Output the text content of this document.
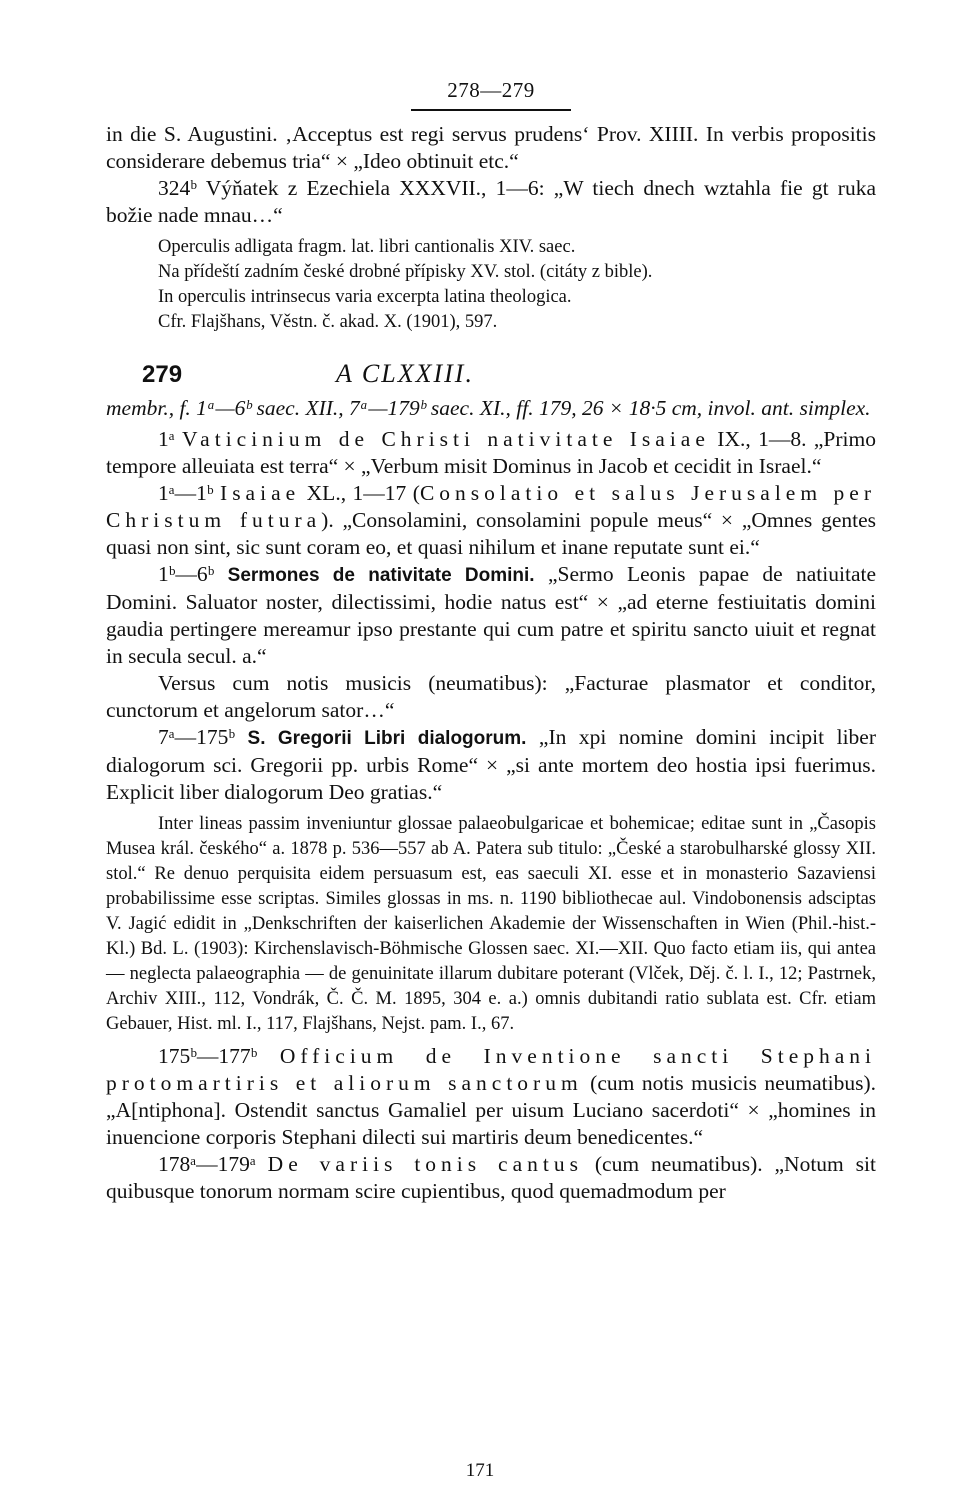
278—279

in die S. Augustini. ‚Acceptus est regi servus prudens‘ Prov. XIIII. In verbis propositis considerare debemus tria“ × „Ideo obtinuit etc.“

324ᵇ Výňatek z Ezechiela XXXVII., 1—6: „W tiech dnech wztahla fie gt ruka božie nade mnau…“

Operculis adligata fragm. lat. libri cantionalis XIV. saec.

Na přídeští zadním české drobné přípisky XV. stol. (citáty z bible).

In operculis intrinsecus varia excerpta latina theologica.

Cfr. Flajšhans, Věstn. č. akad. X. (1901), 597.

279	A CLXXIII.

membr., f. 1ᵃ—6ᵇ saec. XII., 7ᵃ—179ᵇ saec. XI., ff. 179, 26 × 18·5 cm, invol. ant. simplex.

1ᵃ Vaticinium de Christi nativitate Isaiae IX., 1—8. „Primo tempore alleuiata est terra“ × „Verbum misit Dominus in Jacob et cecidit in Israel.“

1ᵃ—1ᵇ Isaiae XL., 1—17 (Consolatio et salus Jerusalem per Christum futura). „Consolamini, consolamini popule meus“ × „Omnes gentes quasi non sint, sic sunt coram eo, et quasi nihilum et inane reputate sunt ei.“

1ᵇ—6ᵇ Sermones de nativitate Domini. „Sermo Leonis papae de natiuitate Domini. Saluator noster, dilectissimi, hodie natus est“ × „ad eterne festiuitatis domini gaudia pertingere mereamur ipso prestante qui cum patre et spiritu sancto uiuit et regnat in secula secul. a.“

Versus cum notis musicis (neumatibus): „Facturae plasmator et conditor, cunctorum et angelorum sator…“

7ᵃ—175ᵇ S. Gregorii Libri dialogorum. „In xpi nomine domini incipit liber dialogorum sci. Gregorii pp. urbis Rome“ × „si ante mortem deo hostia ipsi fuerimus. Explicit liber dialogorum Deo gratias.“

Inter lineas passim inveniuntur glossae palaeobulgaricae et bohemicae; editae sunt in „Časopis Musea král. českého“ a. 1878 p. 536—557 ab A. Patera sub titulo: „České a starobulharské glossy XII. stol.“ Re denuo perquisita eidem persuasum est, eas saeculi XI. esse et in monasterio Sazaviensi probabilissime esse scriptas. Similes glossas in ms. n. 1190 bibliothecae aul. Vindobonensis adsciptas V. Jagić edidit in „Denkschriften der kaiserlichen Akademie der Wissenschaften in Wien (Phil.-hist.-Kl.) Bd. L. (1903): Kirchenslavisch-Böhmische Glossen saec. XI.—XII. Quo facto etiam iis, qui antea — neglecta palaeographia — de genuinitate illarum dubitare poterant (Vlček, Děj. č. l. I., 12; Pastrnek, Archiv XIII., 112, Vondrák, Č. Č. M. 1895, 304 e. a.) omnis dubitandi ratio sublata est. Cfr. etiam Gebauer, Hist. ml. I., 117, Flajšhans, Nejst. pam. I., 67.

175ᵇ—177ᵇ Officium de Inventione sancti Stephani protomartiris et aliorum sanctorum (cum notis musicis neumatibus). „A[ntiphona]. Ostendit sanctus Gamaliel per uisum Luciano sacerdoti“ × „homines in inuencione corporis Stephani dilecti sui martiris deum benedicentes.“

178ᵃ—179ᵃ De variis tonis cantus (cum neumatibus). „Notum sit quibusque tonorum normam scire cupientibus, quod quemadmodum per

171
